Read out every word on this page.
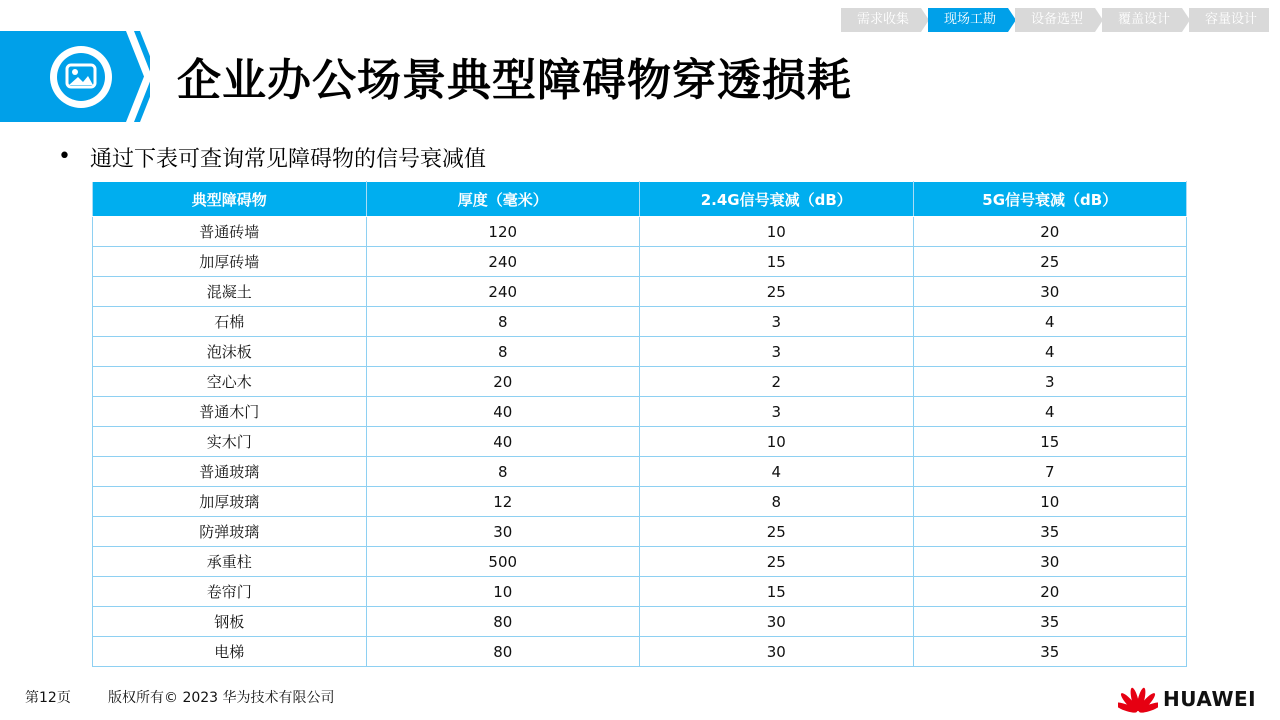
需求收集	现场工勘	设备选型	覆盖设计	容量设计
企业办公场景典型障碍物穿透损耗
• 通过下表可查询常见障碍物的信号衰减值
典型障碍物	厚度（毫米）	2.4G信号衰减（dB）	5G信号衰减（dB）
普通砖墙	120	10	20
加厚砖墙	240	15	25
混凝土	240	25	30
石棉	8	3	4
泡沫板	8	3	4
空心木	20	2	3
普通木门	40	3	4
实木门	40	10	15
普通玻璃	8	4	7
加厚玻璃	12	8	10
防弹玻璃	30	25	35
承重柱	500	25	30
卷帘门	10	15	20
钢板	80	30	35
电梯	80	30	35
第12页	版权所有© 2023 华为技术有限公司	HUAWEI
